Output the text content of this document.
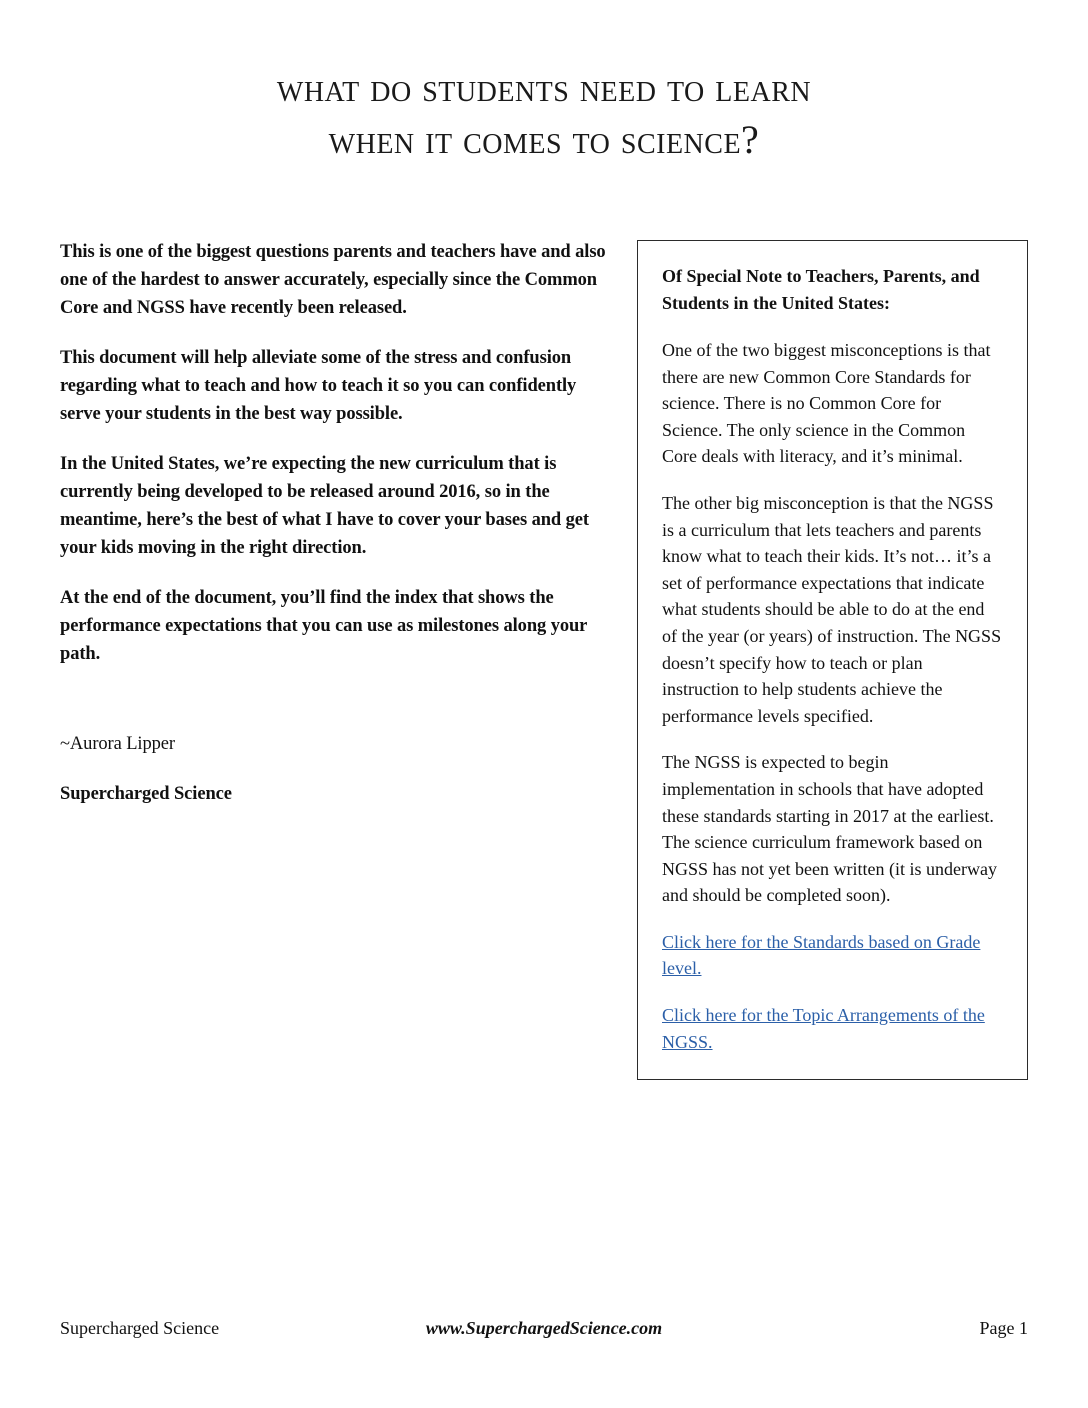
what do students need to learn
when it comes to science?

This is one of the biggest questions parents and teachers have and also one of the hardest to answer accurately, especially since the Common Core and NGSS have recently been released.

This document will help alleviate some of the stress and confusion regarding what to teach and how to teach it so you can confidently serve your students in the best way possible.

In the United States, we’re expecting the new curriculum that is currently being developed to be released around 2016, so in the meantime, here’s the best of what I have to cover your bases and get your kids moving in the right direction.

At the end of the document, you’ll find the index that shows the performance expectations that you can use as milestones along your path.

~Aurora Lipper

Supercharged Science

Of Special Note to Teachers, Parents, and Students in the United States:

One of the two biggest misconceptions is that there are new Common Core Standards for science. There is no Common Core for Science. The only science in the Common Core deals with literacy, and it’s minimal.

The other big misconception is that the NGSS is a curriculum that lets teachers and parents know what to teach their kids. It’s not… it’s a set of performance expectations that indicate what students should be able to do at the end of the year (or years) of instruction. The NGSS doesn’t specify how to teach or plan instruction to help students achieve the performance levels specified.

The NGSS is expected to begin implementation in schools that have adopted these standards starting in 2017 at the earliest. The science curriculum framework based on NGSS has not yet been written (it is underway and should be completed soon).

Click here for the Standards based on Grade level.

Click here for the Topic Arrangements of the NGSS.

Supercharged Science	www.SuperchargedScience.com	Page 1
